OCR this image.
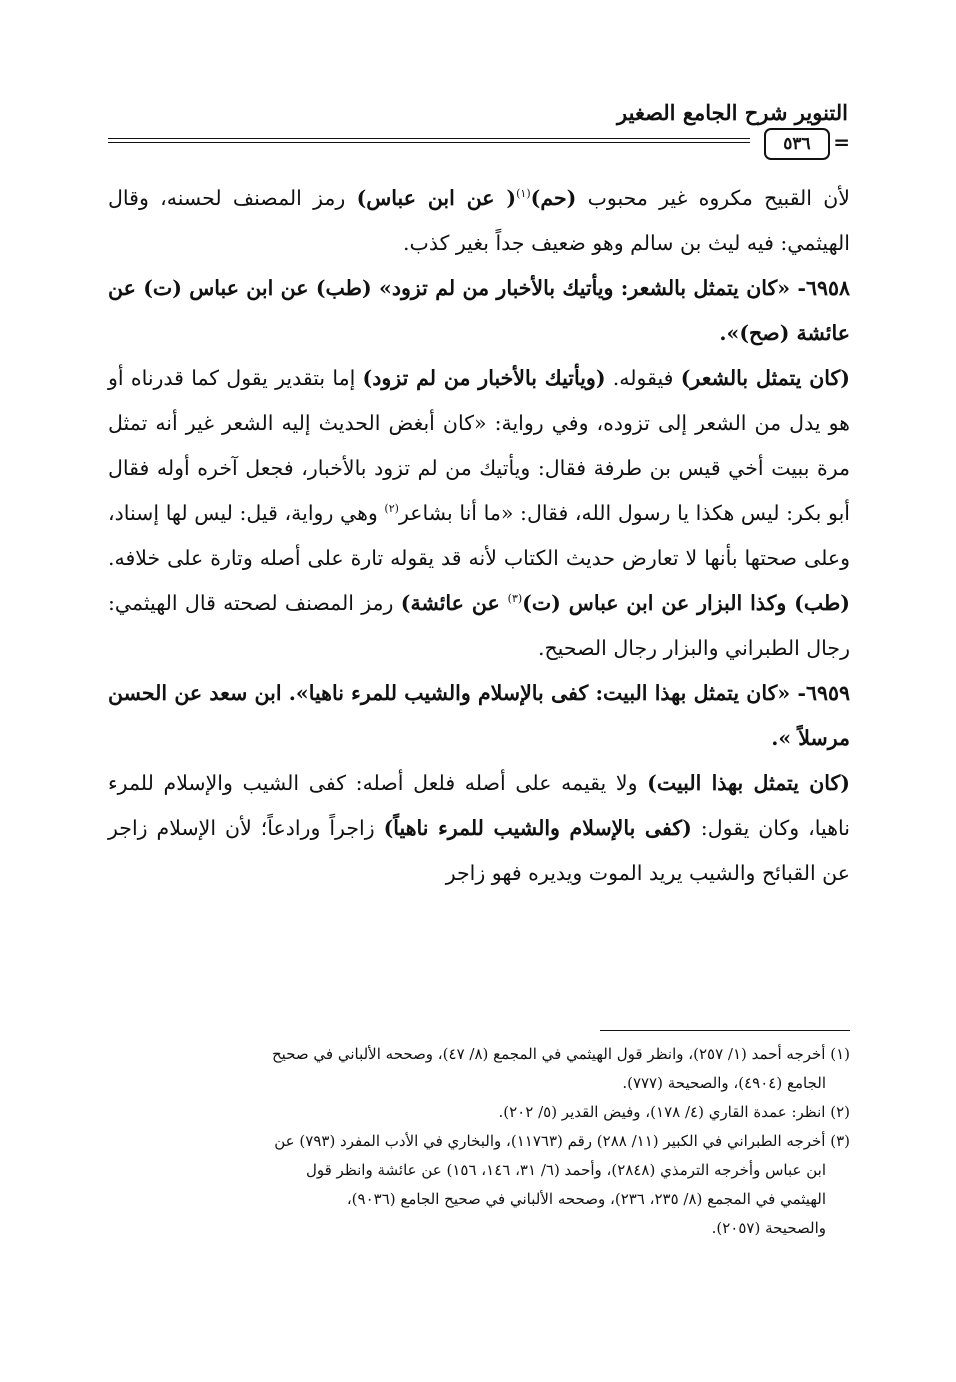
التنوير شرح الجامع الصغير
=
٥٣٦

لأن القبيح مكروه غير محبوب (حم)$^{(١)}$( عن ابن عباس) رمز المصنف لحسنه، وقال الهيثمي: فيه ليث بن سالم وهو ضعيف جداً بغير كذب.

٦٩٥٨- «كان يتمثل بالشعر: ويأتيك بالأخبار من لم تزود» (طب) عن ابن عباس (ت) عن عائشة (صح)».

(كان يتمثل بالشعر) فيقوله. (ويأتيك بالأخبار من لم تزود) إما بتقدير يقول كما قدرناه أو هو يدل من الشعر إلى تزوده، وفي رواية: «كان أبغض الحديث إليه الشعر غير أنه تمثل مرة ببيت أخي قيس بن طرفة فقال: ويأتيك من لم تزود بالأخبار، فجعل آخره أوله فقال أبو بكر: ليس هكذا يا رسول الله، فقال: «ما أنا بشاعر$^{(٢)}$ وهي رواية، قيل: ليس لها إسناد، وعلى صحتها بأنها لا تعارض حديث الكتاب لأنه قد يقوله تارة على أصله وتارة على خلافه. (طب) وكذا البزار عن ابن عباس (ت)$^{(٣)}$ عن عائشة) رمز المصنف لصحته قال الهيثمي: رجال الطبراني والبزار رجال الصحيح.

٦٩٥٩- «كان يتمثل بهذا البيت: كفى بالإسلام والشيب للمرء ناهيا». ابن سعد عن الحسن مرسلاً ».

(كان يتمثل بهذا البيت) ولا يقيمه على أصله فلعل أصله: كفى الشيب والإسلام للمرء ناهيا، وكان يقول: (كفى بالإسلام والشيب للمرء ناهياً) زاجراً ورادعاً؛ لأن الإسلام زاجر عن القبائح والشيب يريد الموت ويديره فهو زاجر

(١) أخرجه أحمد (١/ ٢٥٧)، وانظر قول الهيثمي في المجمع (٨/ ٤٧)، وصححه الألباني في صحيح

الجامع (٤٩٠٤)، والصحيحة (٧٧٧).

(٢) انظر: عمدة القاري (٤/ ١٧٨)، وفيض القدير (٥/ ٢٠٢).

(٣) أخرجه الطبراني في الكبير (١١/ ٢٨٨) رقم (١١٧٦٣)، والبخاري في الأدب المفرد (٧٩٣) عن

ابن عباس وأخرجه الترمذي (٢٨٤٨)، وأحمد (٦/ ٣١، ١٤٦، ١٥٦) عن عائشة وانظر قول

الهيثمي في المجمع (٨/ ٢٣٥، ٢٣٦)، وصححه الألباني في صحيح الجامع (٩٠٣٦)،

والصحيحة (٢٠٥٧).
